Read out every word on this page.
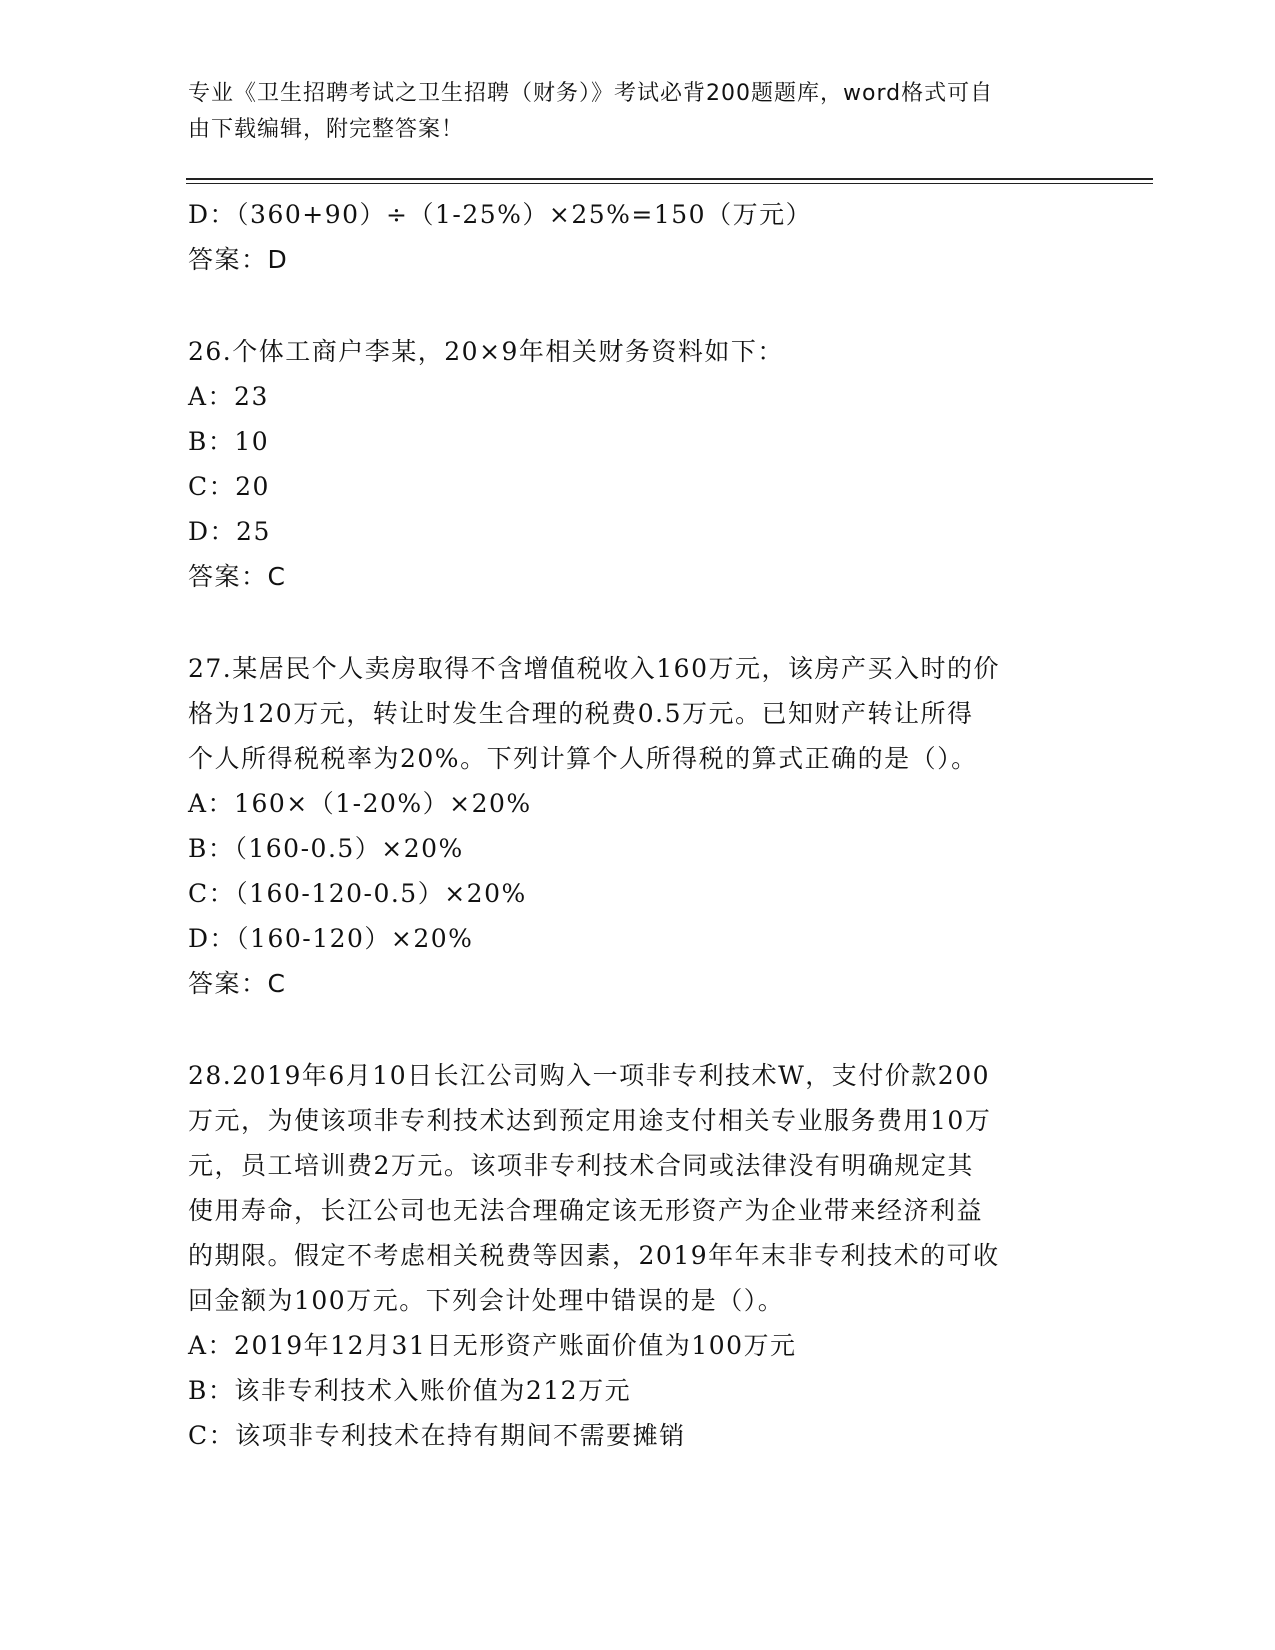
专业《卫生招聘考试之卫生招聘（财务）》考试必背200题题库，word格式可自
由下载编辑，附完整答案！
D：（360+90）÷（1-25%）×25%=150（万元）
答案：D
26.个体工商户李某，20×9年相关财务资料如下：
A：23
B：10
C：20
D：25
答案：C
27.某居民个人卖房取得不含增值税收入160万元，该房产买入时的价
格为120万元，转让时发生合理的税费0.5万元。已知财产转让所得
个人所得税税率为20%。下列计算个人所得税的算式正确的是（）。
A：160×（1-20%）×20%
B：（160-0.5）×20%
C：（160-120-0.5）×20%
D：（160-120）×20%
答案：C
28.2019年6月10日长江公司购入一项非专利技术W，支付价款200
万元，为使该项非专利技术达到预定用途支付相关专业服务费用10万
元，员工培训费2万元。该项非专利技术合同或法律没有明确规定其
使用寿命，长江公司也无法合理确定该无形资产为企业带来经济利益
的期限。假定不考虑相关税费等因素，2019年年末非专利技术的可收
回金额为100万元。下列会计处理中错误的是（）。
A：2019年12月31日无形资产账面价值为100万元
B：该非专利技术入账价值为212万元
C：该项非专利技术在持有期间不需要摊销
